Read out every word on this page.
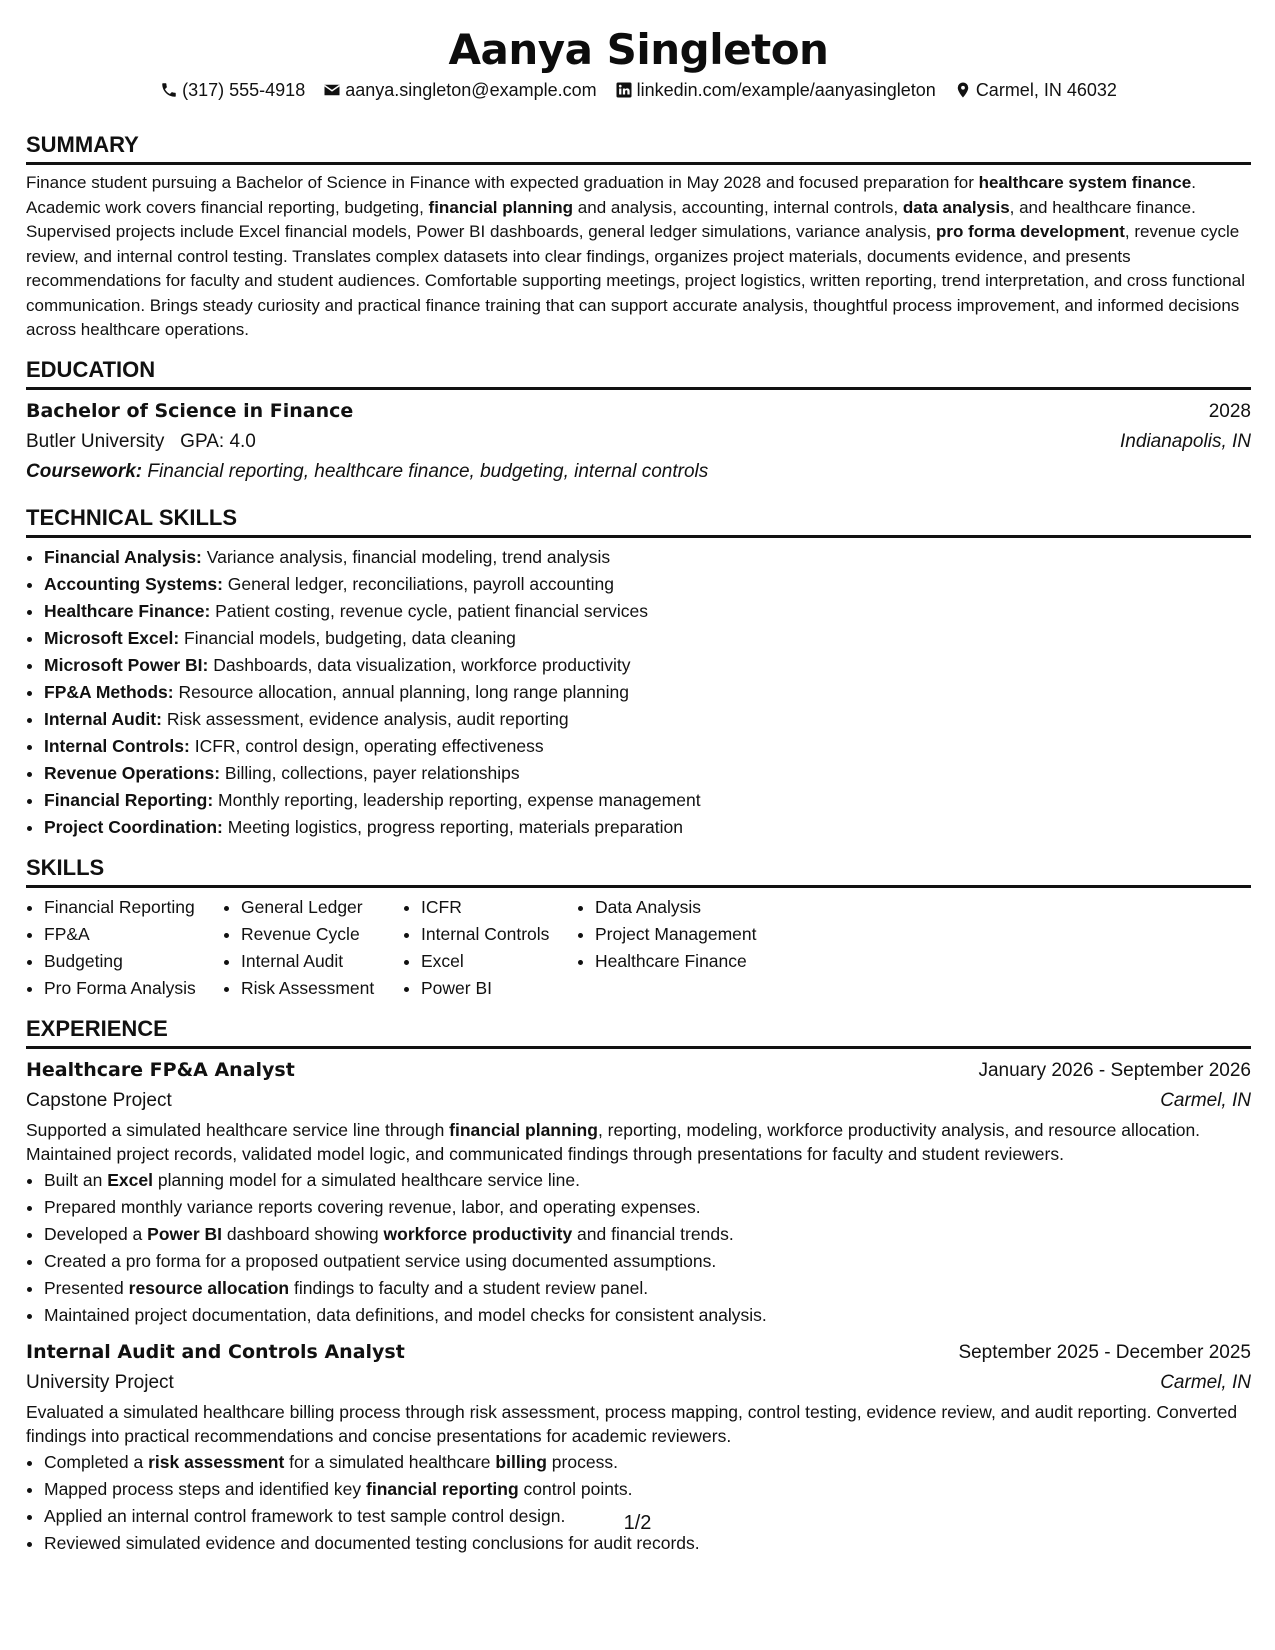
Aanya Singleton
(317) 555-4918 aanya.singleton@example.com linkedin.com/example/aanyasingleton Carmel, IN 46032
SUMMARY
Finance student pursuing a Bachelor of Science in Finance with expected graduation in May 2028 and focused preparation for healthcare system finance. Academic work covers financial reporting, budgeting, financial planning and analysis, accounting, internal controls, data analysis, and healthcare finance. Supervised projects include Excel financial models, Power BI dashboards, general ledger simulations, variance analysis, pro forma development, revenue cycle review, and internal control testing. Translates complex datasets into clear findings, organizes project materials, documents evidence, and presents recommendations for faculty and student audiences. Comfortable supporting meetings, project logistics, written reporting, trend interpretation, and cross functional communication. Brings steady curiosity and practical finance training that can support accurate analysis, thoughtful process improvement, and informed decisions across healthcare operations.
EDUCATION
Bachelor of Science in Finance	2028
Butler University GPA: 4.0	Indianapolis, IN
Coursework: Financial reporting, healthcare finance, budgeting, internal controls
TECHNICAL SKILLS
• Financial Analysis: Variance analysis, financial modeling, trend analysis
• Accounting Systems: General ledger, reconciliations, payroll accounting
• Healthcare Finance: Patient costing, revenue cycle, patient financial services
• Microsoft Excel: Financial models, budgeting, data cleaning
• Microsoft Power BI: Dashboards, data visualization, workforce productivity
• FP&A Methods: Resource allocation, annual planning, long range planning
• Internal Audit: Risk assessment, evidence analysis, audit reporting
• Internal Controls: ICFR, control design, operating effectiveness
• Revenue Operations: Billing, collections, payer relationships
• Financial Reporting: Monthly reporting, leadership reporting, expense management
• Project Coordination: Meeting logistics, progress reporting, materials preparation
SKILLS
• Financial Reporting
• FP&A
• Budgeting
• Pro Forma Analysis
• General Ledger
• Revenue Cycle
• Internal Audit
• Risk Assessment
• ICFR
• Internal Controls
• Excel
• Power BI
• Data Analysis
• Project Management
• Healthcare Finance
EXPERIENCE
Healthcare FP&A Analyst	January 2026 - September 2026
Capstone Project	Carmel, IN
Supported a simulated healthcare service line through financial planning, reporting, modeling, workforce productivity analysis, and resource allocation. Maintained project records, validated model logic, and communicated findings through presentations for faculty and student reviewers.
• Built an Excel planning model for a simulated healthcare service line.
• Prepared monthly variance reports covering revenue, labor, and operating expenses.
• Developed a Power BI dashboard showing workforce productivity and financial trends.
• Created a pro forma for a proposed outpatient service using documented assumptions.
• Presented resource allocation findings to faculty and a student review panel.
• Maintained project documentation, data definitions, and model checks for consistent analysis.
Internal Audit and Controls Analyst	September 2025 - December 2025
University Project	Carmel, IN
Evaluated a simulated healthcare billing process through risk assessment, process mapping, control testing, evidence review, and audit reporting. Converted findings into practical recommendations and concise presentations for academic reviewers.
• Completed a risk assessment for a simulated healthcare billing process.
• Mapped process steps and identified key financial reporting control points.
• Applied an internal control framework to test sample control design.
• Reviewed simulated evidence and documented testing conclusions for audit records.
1/2
